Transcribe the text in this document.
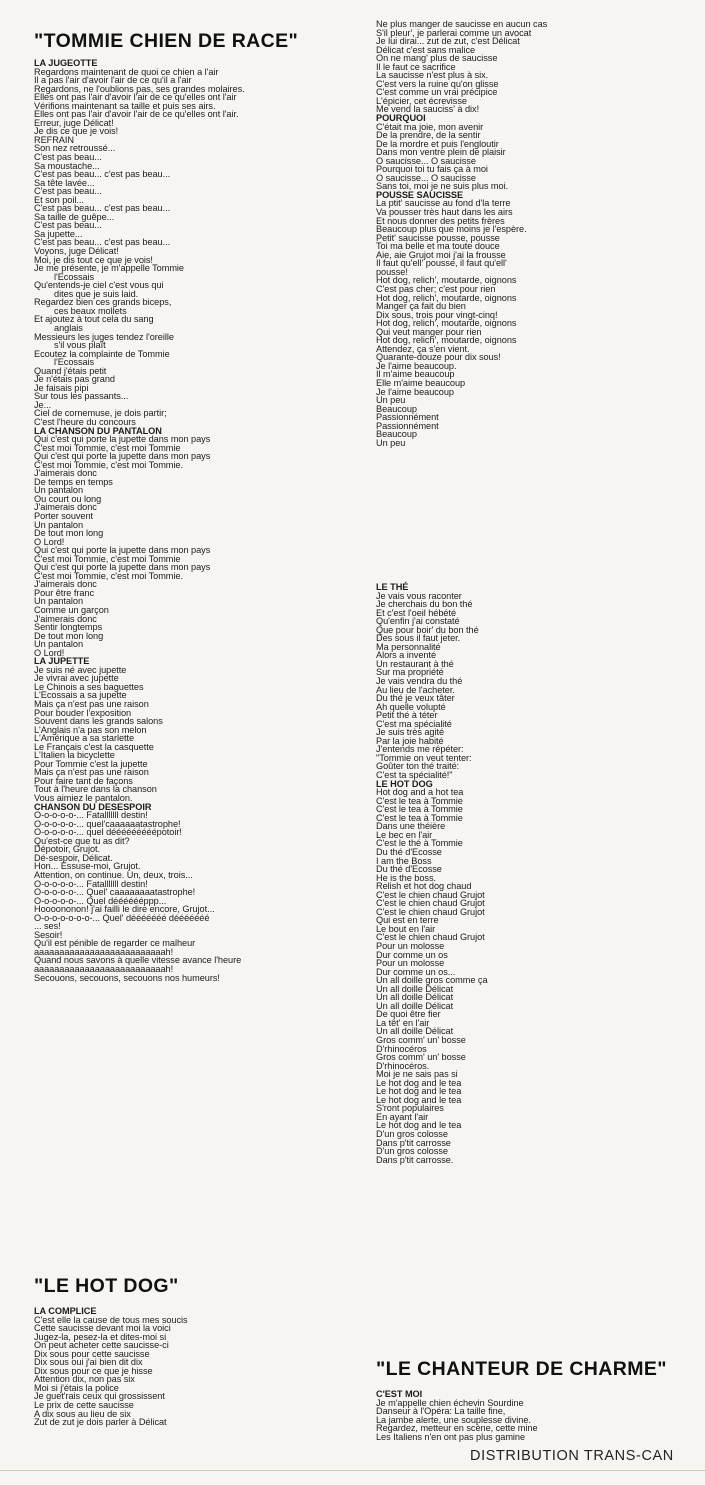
"TOMMIE CHIEN DE RACE"
LA JUGEOTTE
Regardons maintenant de quoi ce chien a l'air
Il a pas l'air d'avoir l'air de ce qu'il a l'air
Regardons, ne l'oublions pas, ses grandes molaires.
Elles ont pas l'air d'avoir l'air de ce qu'elles ont l'air
Vérifions maintenant sa taille et puis ses airs.
Elles ont pas l'air d'avoir l'air de ce qu'elles ont l'air.
Erreur, juge Délicat!
Je dis ce que je vois!
REFRAIN
Son nez retroussé...
C'est pas beau...
Sa moustache...
C'est pas beau... c'est pas beau...
Sa tête lavée...
C'est pas beau...
Et son poil...
C'est pas beau... c'est pas beau...
Sa taille de guêpe...
C'est pas beau...
Sa jupette...
C'est pas beau... c'est pas beau...
Voyons, juge Délicat!
Moi, je dis tout ce que je vois!
Je me présente, je m'appelle Tommie
l'Ecossais
Qu'entends-je ciel c'est vous qui
dites que je suis laid.
Regardez bien ces grands biceps,
ces beaux mollets
Et ajoutez à tout cela du sang
anglais
Messieurs les juges tendez l'oreille
s'il vous plaît
Ecoutez la complainte de Tommie
l'Ecossais
Quand j'étais petit
Je n'étais pas grand
Je faisais pipi
Sur tous les passants...
Je...
Ciel de cornemuse, je dois partir;
C'est l'heure du concours
LA CHANSON DU PANTALON
Qui c'est qui porte la jupette dans mon pays
C'est moi Tommie, c'est moi Tommie
Qui c'est qui porte la jupette dans mon pays
C'est moi Tommie, c'est moi Tommie.
J'aimerais donc
De temps en temps
Un pantalon
Ou court ou long
J'aimerais donc
Porter souvent
Un pantalon
De tout mon long
O Lord!
Qui c'est qui porte la jupette dans mon pays
C'est moi Tommie, c'est moi Tommie
Qui c'est qui porte la jupette dans mon pays
C'est moi Tommie, c'est moi Tommie.
J'aimerais donc
Pour être franc
Un pantalon
Comme un garçon
J'aimerais donc
Sentir longtemps
De tout mon long
Un pantalon
O Lord!
LA JUPETTE
Je suis né avec jupette
Je vivrai avec jupette
Le Chinois a ses baguettes
L'Ecossais a sa jupette
Mais ça n'est pas une raison
Pour bouder l'exposition
Souvent dans les grands salons
L'Anglais n'a pas son melon
L'Amérique a sa starlette
Le Français c'est la casquette
L'Italien la bicyclette
Pour Tommie c'est la jupette
Mais ça n'est pas une raison
Pour faire tant de façons
Tout à l'heure dans la chanson
Vous aimiez le pantalon.
CHANSON DU DESESPOIR
O-o-o-o-o-... Fatalllllll destin!
O-o-o-o-o-... quel'caaaaaatastrophe!
O-o-o-o-o-... quel dééééééééépotoir!
Qu'est-ce que tu as dit?
Dépotoir, Grujot.
Dé-sespoir, Délicat.
Hon... Essuse-moi, Grujot.
Attention, on continue. Un, deux, trois...
O-o-o-o-o-... Fatalllllll destin!
O-o-o-o-o-... Quel' caaaaaaaatastrophe!
O-o-o-o-o-... Quel dééééééppp...
Hoooononon! j'ai failli le dire encore, Grujot...
O-o-o-o-o-o-o-... Quel' dééééééé dééééééé
... ses!
Sesoir!
Qu'il est pénible de regarder ce malheur
aaaaaaaaaaaaaaaaaaaaaaaaaah!
Quand nous savons à quelle vitesse avance l'heure
aaaaaaaaaaaaaaaaaaaaaaaaaah!
Secouons, secouons, secouons nos humeurs!
"LE HOT DOG"
LA COMPLICE
C'est elle la cause de tous mes soucis
Cette saucisse devant moi la voici
Jugez-la, pesez-la et dites-moi si
On peut acheter cette saucisse-ci
Dix sous pour cette saucisse
Dix sous oui j'ai bien dit dix
Dix sous pour ce que je hisse
Attention dix, non pas six
Moi si j'étais la police
Je guet'rais ceux qui grossissent
Le prix de cette saucisse
A dix sous au lieu de six
Zut de zut je dois parler à Délicat
Ne plus manger de saucisse en aucun cas
S'il pleur', je parlerai comme un avocat
Je lui dirai... zut de zut, c'est Délicat
Délicat c'est sans malice
On ne mang' plus de saucisse
Il le faut ce sacrifice
La saucisse n'est plus à six.
C'est vers la ruine qu'on glisse
C'est comme un vrai précipice
L'épicier, cet écrevisse
Me vend la sauciss' à dix!
POURQUOI
C'était ma joie, mon avenir
De la prendre, de la sentir
De la mordre et puis l'engloutir
Dans mon ventre plein de plaisir
O saucisse... O saucisse
Pourquoi toi tu fais ça à moi
O saucisse... O saucisse
Sans toi, moi je ne suis plus moi.
POUSSE SAUCISSE
La ptit' saucisse au fond d'la terre
Va pousser très haut dans les airs
Et nous donner des petits frères
Beaucoup plus que moins je l'espère.
Petit' saucisse pousse, pousse
Toi ma belle et ma toute douce
Aie, aie Grujot moi j'ai la frousse
Il faut qu'ell' pousse, il faut qu'ell'
pousse!
Hot dog, relich', moutarde, oignons
C'est pas cher; c'est pour rien
Hot dog, relich', moutarde, oignons
Manger ça fait du bien
Dix sous, trois pour vingt-cinq!
Hot dog, relich', moutarde, oignons
Qui veut manger pour rien
Hot dog, relich', moutarde, oignons
Attendez, ça s'en vient.
Quarante-douze pour dix sous!
Je l'aime beaucoup.
Il m'aime beaucoup
Elle m'aime beaucoup
Je l'aime beaucoup
Un peu
Beaucoup
Passionnément
Passionnément
Beaucoup
Un peu
LE THÉ
Je vais vous raconter
Je cherchais du bon thé
Et c'est l'oeil hébété
Qu'enfin j'ai constaté
Que pour boir' du bon thé
Des sous il faut jeter.
Ma personnalité
Alors a inventé
Un restaurant à thé
Sur ma propriété
Je vais vendra du thé
Au lieu de l'acheter.
Du thé je veux tâter
Ah quelle volupté
Petit thé à téter
C'est ma spécialité
Je suis très agité
Par la joie habité
J'entends me répéter:
"Tommie on veut tenter:
Goûter ton thé traité:
C'est ta spécialité!"
LE HOT DOG
Hot dog and a hot tea
C'est le tea à Tommie
C'est le tea à Tommie
C'est le tea à Tommie
Dans une théière
Le bec en l'air
C'est le thé à Tommie
Du thé d'Ecosse
I am the Boss
Du thé d'Ecosse
He is the boss.
Relish et hot dog chaud
C'est le chien chaud Grujot
C'est le chien chaud Grujot
C'est le chien chaud Grujot
Qui est en terre
Le bout en l'air
C'est le chien chaud Grujot
Pour un molosse
Dur comme un os
Pour un molosse
Dur comme un os...
Un all doille gros comme ça
Un all doille Délicat
Un all doille Délicat
Un all doille Délicat
De quoi être fier
La têt' en l'air
Un all doille Délicat
Gros comm' un' bosse
D'rhinocéros
Gros comm' un' bosse
D'rhinocéros.
Moi je ne sais pas si
Le hot dog and le tea
Le hot dog and le tea
Le hot dog and le tea
S'ront populaires
En ayant l'air
Le hot dog and le tea
D'un gros colosse
Dans p'tit carrosse
D'un gros colosse
Dans p'tit carrosse.
"LE CHANTEUR DE CHARME"
C'EST MOI
Je m'appelle chien échevin Sourdine
Danseur à l'Opéra: La taille fine,
La jambe alerte, une souplesse divine.
Regardez, metteur en scène, cette mine
Les Italiens n'en ont pas plus gamine
DISTRIBUTION TRANS-CAN
